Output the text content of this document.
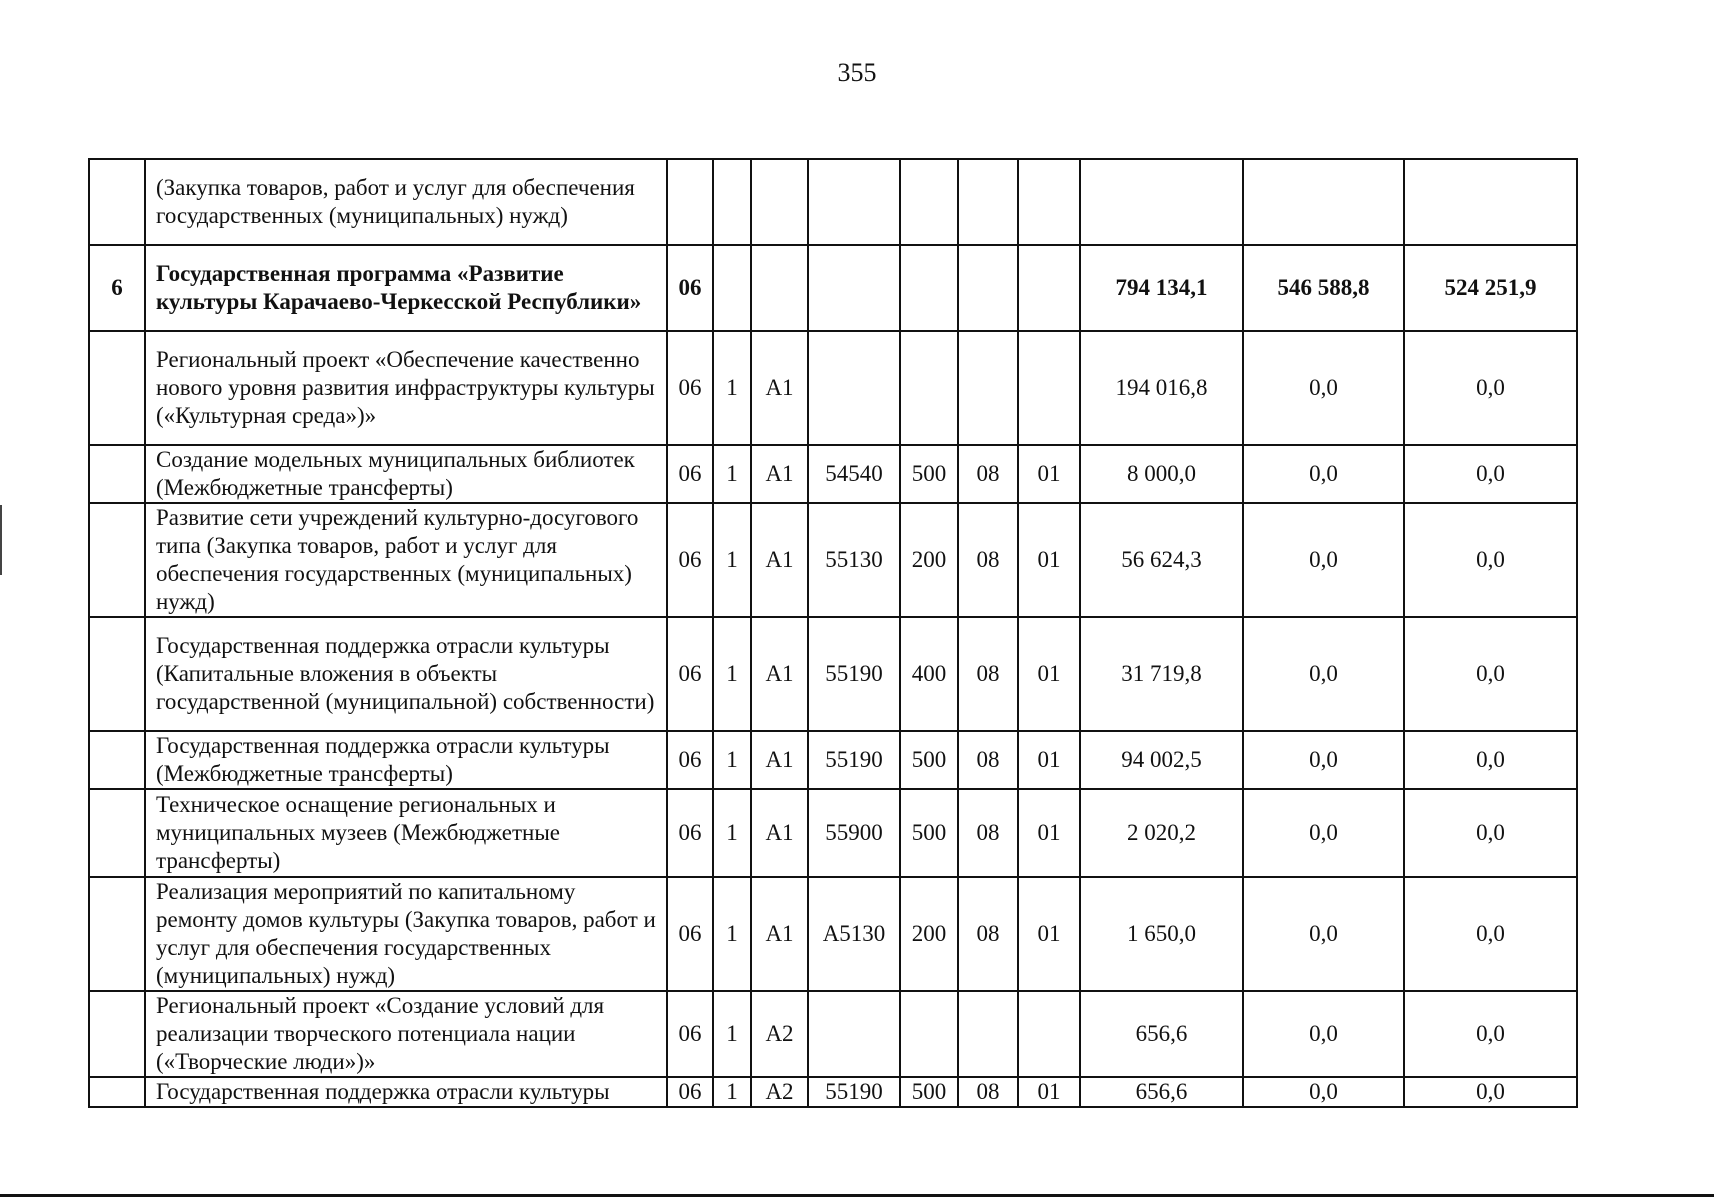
355
	(Закупка товаров, работ и услуг для обеспечения государственных (муниципальных) нужд)										
6	Государственная программа «Развитие культуры Карачаево-Черкесской Республики»	06							794 134,1	546 588,8	524 251,9
	Региональный проект «Обеспечение качественно нового уровня развития инфраструктуры культуры («Культурная среда»)»	06	1	А1					194 016,8	0,0	0,0
	Создание модельных муниципальных библиотек (Межбюджетные трансферты)	06	1	А1	54540	500	08	01	8 000,0	0,0	0,0
	Развитие сети учреждений культурно-досугового типа (Закупка товаров, работ и услуг для обеспечения государственных (муниципальных) нужд)	06	1	А1	55130	200	08	01	56 624,3	0,0	0,0
	Государственная поддержка отрасли культуры (Капитальные вложения в объекты государственной (муниципальной) собственности)	06	1	А1	55190	400	08	01	31 719,8	0,0	0,0
	Государственная поддержка отрасли культуры (Межбюджетные трансферты)	06	1	А1	55190	500	08	01	94 002,5	0,0	0,0
	Техническое оснащение региональных и муниципальных музеев (Межбюджетные трансферты)	06	1	А1	55900	500	08	01	2 020,2	0,0	0,0
	Реализация мероприятий по капитальному ремонту домов культуры (Закупка товаров, работ и услуг для обеспечения государственных (муниципальных) нужд)	06	1	А1	А5130	200	08	01	1 650,0	0,0	0,0
	Региональный проект «Создание условий для реализации творческого потенциала нации («Творческие люди»)»	06	1	А2					656,6	0,0	0,0
	Государственная поддержка отрасли культуры	06	1	А2	55190	500	08	01	656,6	0,0	0,0
